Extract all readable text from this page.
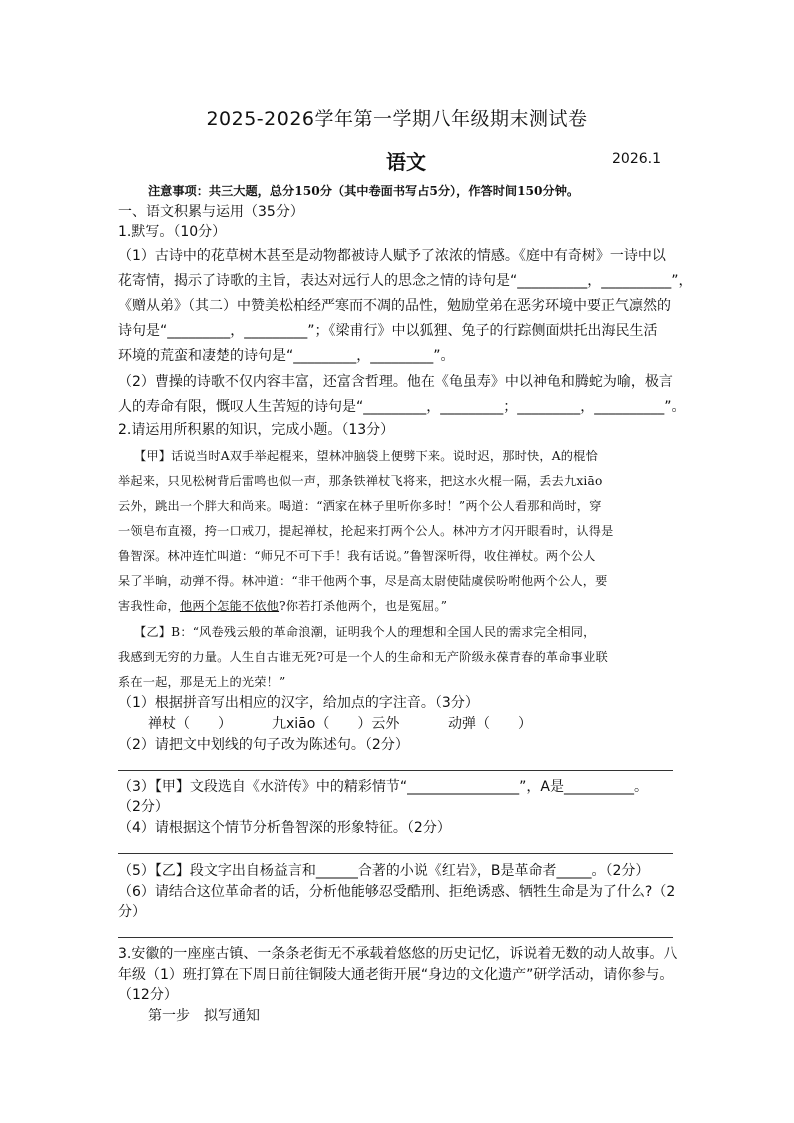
2025-2026学年第一学期八年级期末测试卷
语文	2026.1
注意事项：共三大题，总分150分（其中卷面书写占5分），作答时间150分钟。
一、语文积累与运用（35分）
1.默写。（10分）
（1）古诗中的花草树木甚至是动物都被诗人赋予了浓浓的情感。《庭中有奇树》一诗中以
花寄情，揭示了诗歌的主旨，表达对远行人的思念之情的诗句是“__________，__________”，
《赠从弟》（其二）中赞美松柏经严寒而不凋的品性，勉励堂弟在恶劣环境中要正气凛然的
诗句是“_________，_________”；《梁甫行》中以狐狸、兔子的行踪侧面烘托出海民生活
环境的荒蛮和凄楚的诗句是“_________，_________”。
（2）曹操的诗歌不仅内容丰富，还富含哲理。他在《龟虽寿》中以神龟和腾蛇为喻，极言
人的寿命有限，慨叹人生苦短的诗句是“_________，_________；_________，__________”。
2.请运用所积累的知识，完成小题。（13分）
【甲】话说当时A双手举起棍来，望林冲脑袋上便劈下来。说时迟，那时快，A的棍恰
举起来，只见松树背后雷鸣也似一声，那条铁禅杖飞将来，把这水火棍一隔，丢去九xiāo
云外，跳出一个胖大和尚来。喝道：“洒家在林子里听你多时！”两个公人看那和尚时，穿
一领皂布直裰，挎一口戒刀，提起禅杖，抡起来打两个公人。林冲方才闪开眼看时，认得是
鲁智深。林冲连忙叫道：“师兄不可下手！我有话说。”鲁智深听得，收住禅杖。两个公人
呆了半晌，动弹不得。林冲道：“非干他两个事，尽是高太尉使陆虞侯吩咐他两个公人，要
害我性命，他两个怎能不依他?你若打杀他两个，也是冤屈。”
【乙】B：“风卷残云般的革命浪潮，证明我个人的理想和全国人民的需求完全相同，
我感到无穷的力量。人生自古谁无死?可是一个人的生命和无产阶级永葆青春的革命事业联
系在一起，那是无上的光荣！”
（1）根据拼音写出相应的汉字，给加点的字注音。（3分）
禅杖（　　）	九xiāo（　　）云外	动弹（　　）
（2）请把文中划线的句子改为陈述句。（2分）
（3）【甲】文段选自《水浒传》中的精彩情节“________________”，A是__________。
（2分）
（4）请根据这个情节分析鲁智深的形象特征。（2分）
（5）【乙】段文字出自杨益言和______合著的小说《红岩》，B是革命者_____。（2分）
（6）请结合这位革命者的话，分析他能够忍受酷刑、拒绝诱惑、牺牲生命是为了什么?（2
分）
3.安徽的一座座古镇、一条条老街无不承载着悠悠的历史记忆，诉说着无数的动人故事。八
年级（1）班打算在下周日前往铜陵大通老街开展“身边的文化遗产”研学活动，请你参与。
（12分）
第一步　拟写通知
